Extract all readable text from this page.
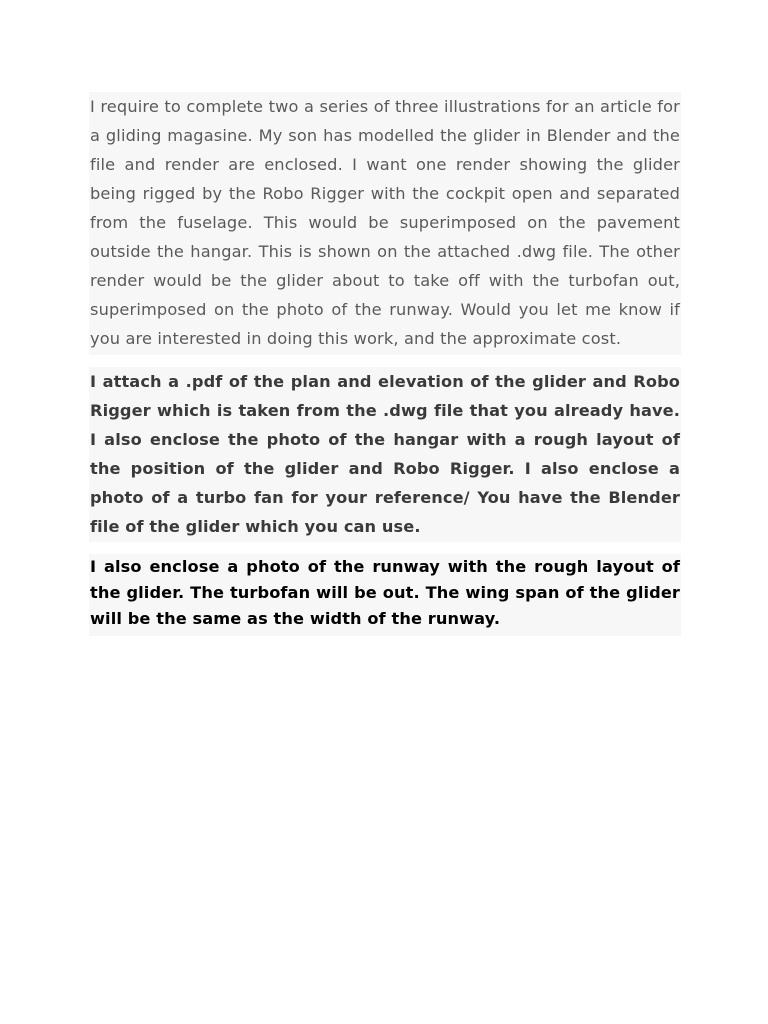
I require to complete two a series of three illustrations for an article for a gliding magasine. My son has modelled the glider in Blender and the file and render are enclosed. I want one render showing the glider being rigged by the Robo Rigger with the cockpit open and separated from the fuselage. This would be superimposed on the pavement outside the hangar. This is shown on the attached .dwg file. The other render would be the glider about to take off with the turbofan out, superimposed on the photo of the runway. Would you let me know if you are interested in doing this work, and the approximate cost.

I attach a .pdf of the plan and elevation of the glider and Robo Rigger which is taken from the .dwg file that you already have. I also enclose the photo of the hangar with a rough layout of the position of the glider and Robo Rigger. I also enclose a photo of a turbo fan for your reference/ You have the Blender file of the glider which you can use.

I also enclose a photo of the runway with the rough layout of the glider. The turbofan will be out. The wing span of the glider will be the same as the width of the runway.
